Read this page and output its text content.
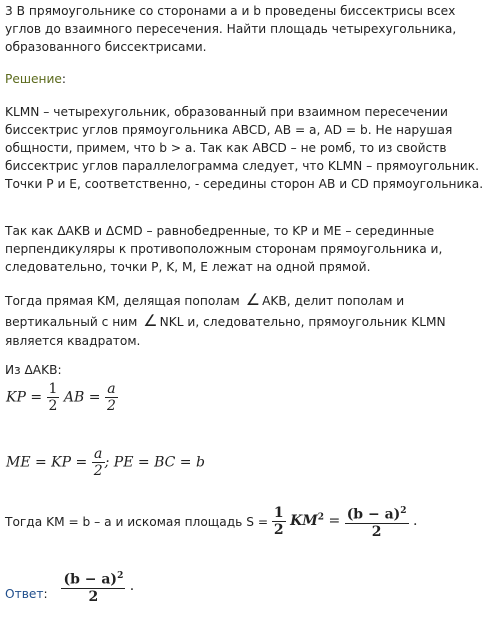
3 В прямоугольнике со сторонами a и b проведены биссектрисы всех углов до взаимного пересечения. Найти площадь четырехугольника, образованного биссектрисами.

Решение:

KLMN – четырехугольник, образованный при взаимном пересечении биссектрис углов прямоугольника ABCD, AB = a, AD = b. Не нарушая общности, примем, что b > a. Так как ABCD – не ромб, то из свойств биссектрис углов параллелограмма следует, что KLMN – прямоугольник. Точки P и E, соответственно, - середины сторон AB и CD прямоугольника.

Так как ΔAKB и ΔCMD – равнобедренные, то KP и ME – серединные перпендикуляры к противоположным сторонам прямоугольника и, следовательно, точки P, K, M, E лежат на одной прямой.

Тогда прямая KM, делящая пополам ∠ AKB, делит пополам и
вертикальный с ним ∠ NKL и, следовательно, прямоугольник KLMN
является квадратом.

Из ΔAKB:

KP = $\frac{1}{2}$ AB = $\frac{a}{2}$
ME = KP = $\frac{a}{2}$ ; PE = BC = b
Тогда KM = b – a и искомая площадь $S = \frac{1}{2} KM^2 = \frac{(b - a)^2}{2}$ .
Ответ: $\frac{(b - a)^2}{2}$ .
